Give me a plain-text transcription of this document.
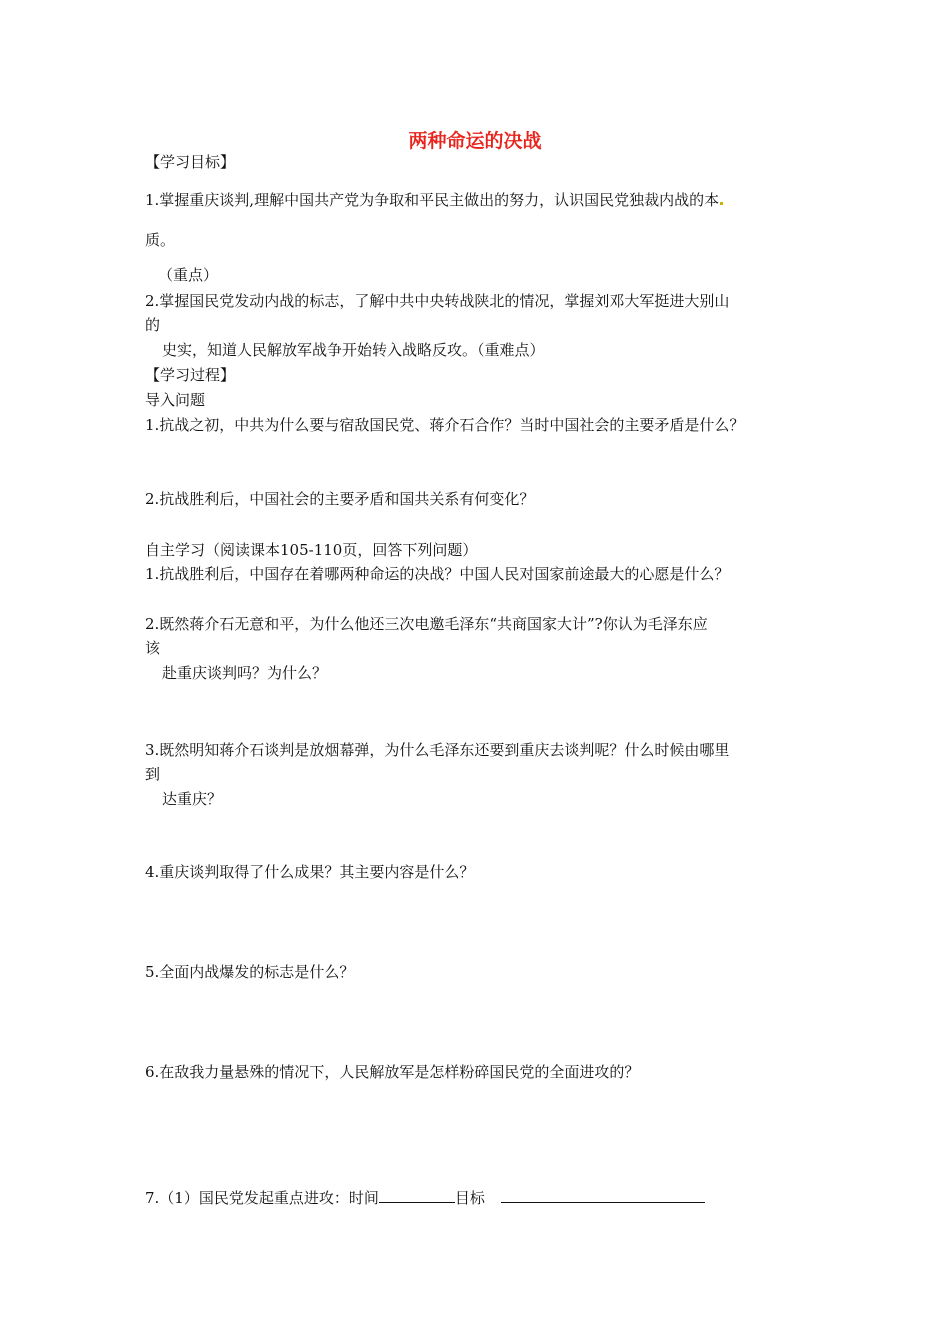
两种命运的决战
【学习目标】
1.掌握重庆谈判,理解中国共产党为争取和平民主做出的努力，认识国民党独裁内战的本
质。
（重点）
2.掌握国民党发动内战的标志，了解中共中央转战陕北的情况，掌握刘邓大军挺进大别山
的
史实，知道人民解放军战争开始转入战略反攻。（重难点）
【学习过程】
导入问题
1.抗战之初，中共为什么要与宿敌国民党、蒋介石合作？当时中国社会的主要矛盾是什么？
2.抗战胜利后，中国社会的主要矛盾和国共关系有何变化？
自主学习（阅读课本105-110页，回答下列问题）
1.抗战胜利后，中国存在着哪两种命运的决战？中国人民对国家前途最大的心愿是什么？
2.既然蒋介石无意和平，为什么他还三次电邀毛泽东“共商国家大计”?你认为毛泽东应
该
赴重庆谈判吗？为什么？
3.既然明知蒋介石谈判是放烟幕弹，为什么毛泽东还要到重庆去谈判呢？什么时候由哪里
到
达重庆？
4.重庆谈判取得了什么成果？其主要内容是什么？
5.全面内战爆发的标志是什么？
6.在敌我力量悬殊的情况下，人民解放军是怎样粉碎国民党的全面进攻的？
7.（1）国民党发起重点进攻：时间	目标
